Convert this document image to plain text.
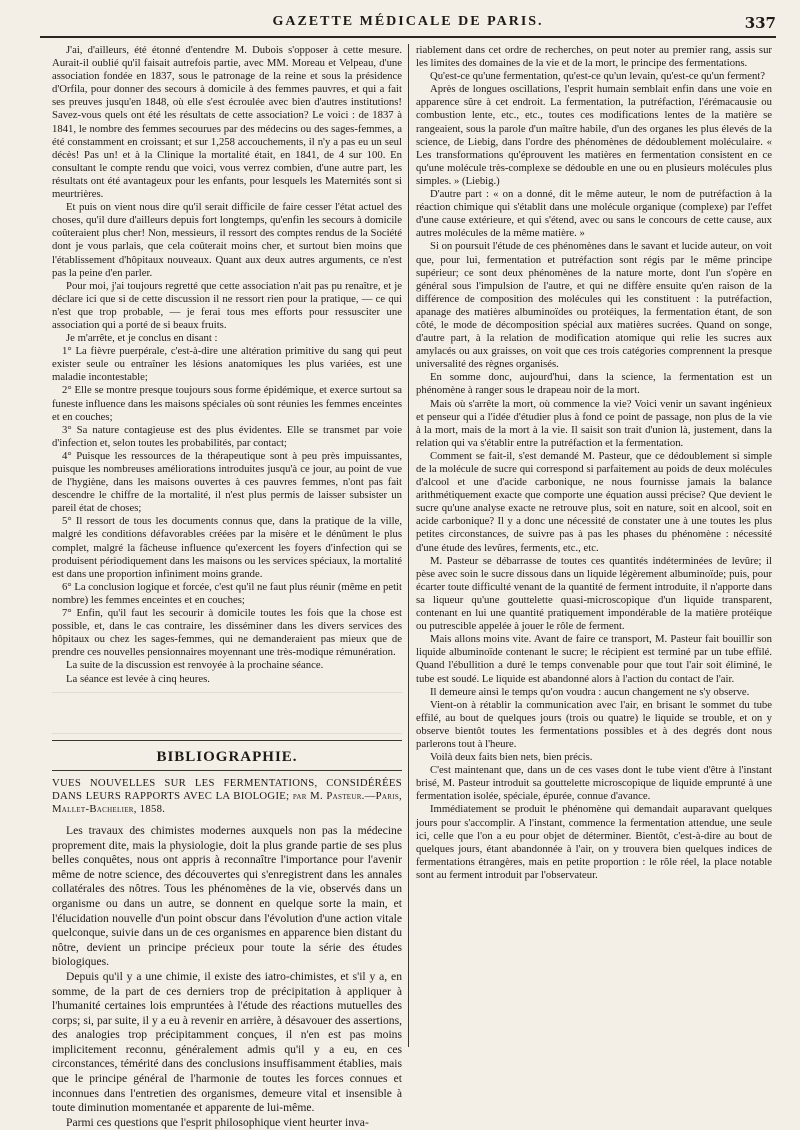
GAZETTE MÉDICALE DE PARIS.	337

J'ai, d'ailleurs, été étonné d'entendre M. Dubois s'opposer à cette mesure. Aurait-il oublié qu'il faisait autrefois partie, avec MM. Moreau et Velpeau, d'une association fondée en 1837, sous le patronage de la reine et sous la présidence d'Orfila, pour donner des secours à domicile à des femmes pauvres, et qui a fait ses preuves jusqu'en 1848, où elle s'est écroulée avec bien d'autres institutions! Savez-vous quels ont été les résultats de cette association? Le voici : de 1837 à 1841, le nombre des femmes secourues par des médecins ou des sages-femmes, a été constamment en croissant; et sur 1,258 accouchements, il n'y a pas eu un seul décès! Pas un! et à la Clinique la mortalité était, en 1841, de 4 sur 100. En consultant le compte rendu que voici, vous verrez combien, d'une autre part, les résultats ont été avantageux pour les enfants, pour lesquels les Maternités sont si meurtrières.

Et puis on vient nous dire qu'il serait difficile de faire cesser l'état actuel des choses, qu'il dure d'ailleurs depuis fort longtemps, qu'enfin les secours à domicile coûteraient plus cher! Non, messieurs, il ressort des comptes rendus de la Société dont je vous parlais, que cela coûterait moins cher, et surtout bien moins que l'établissement d'hôpitaux nouveaux. Quant aux deux autres arguments, ce n'est pas la peine d'en parler.

Pour moi, j'ai toujours regretté que cette association n'ait pas pu renaître, et je déclare ici que si de cette discussion il ne ressort rien pour la pratique, — ce qui n'est que trop probable, — je ferai tous mes efforts pour ressusciter une association qui a porté de si beaux fruits.

Je m'arrête, et je conclus en disant :

1° La fièvre puerpérale, c'est-à-dire une altération primitive du sang qui peut exister seule ou entraîner les lésions anatomiques les plus variées, est une maladie incontestable;

2° Elle se montre presque toujours sous forme épidémique, et exerce surtout sa funeste influence dans les maisons spéciales où sont réunies les femmes enceintes et en couches;

3° Sa nature contagieuse est des plus évidentes. Elle se transmet par voie d'infection et, selon toutes les probabilités, par contact;

4° Puisque les ressources de la thérapeutique sont à peu près impuissantes, puisque les nombreuses améliorations introduites jusqu'à ce jour, au point de vue de l'hygiène, dans les maisons ouvertes à ces pauvres femmes, n'ont pas fait descendre le chiffre de la mortalité, il n'est plus permis de laisser subsister un pareil état de choses;

5° Il ressort de tous les documents connus que, dans la pratique de la ville, malgré les conditions défavorables créées par la misère et le dénûment le plus complet, malgré la fâcheuse influence qu'exercent les foyers d'infection qui se produisent périodiquement dans les maisons ou les services spéciaux, la mortalité est dans une proportion infiniment moins grande.

6° La conclusion logique et forcée, c'est qu'il ne faut plus réunir (même en petit nombre) les femmes enceintes et en couches;

7° Enfin, qu'il faut les secourir à domicile toutes les fois que la chose est possible, et, dans le cas contraire, les disséminer dans les divers services des hôpitaux ou chez les sages-femmes, qui ne demanderaient pas mieux que de prendre ces nouvelles pensionnaires moyennant une très-modique rémunération.

La suite de la discussion est renvoyée à la prochaine séance.

La séance est levée à cinq heures.

BIBLIOGRAPHIE.

VUES NOUVELLES SUR LES FERMENTATIONS, CONSIDÉRÉES DANS LEURS RAPPORTS AVEC LA BIOLOGIE; par M. Pasteur.—Paris, Mallet-Bachelier, 1858.

Les travaux des chimistes modernes auxquels non pas la médecine proprement dite, mais la physiologie, doit la plus grande partie de ses plus belles conquêtes, nous ont appris à reconnaître l'importance pour l'avenir même de notre science, des découvertes qui s'enregistrent dans les annales collatérales des nôtres. Tous les phénomènes de la vie, observés dans un organisme ou dans un autre, se donnent en quelque sorte la main, et l'élucidation nouvelle d'un point obscur dans l'évolution d'une action vitale quelconque, suivie dans un de ces organismes en apparence bien distant du nôtre, devient un principe précieux pour toute la série des études biologiques.

Depuis qu'il y a une chimie, il existe des iatro-chimistes, et s'il y a, en somme, de la part de ces derniers trop de précipitation à appliquer à l'humanité certaines lois empruntées à l'étude des réactions mutuelles des corps; si, par suite, il y a eu à revenir en arrière, à désavouer des assertions, des analogies trop précipitamment conçues, il n'en est pas moins implicitement reconnu, généralement admis qu'il y a eu, en ces circonstances, témérité dans des conclusions insuffisamment établies, mais que le principe général de l'harmonie de toutes les forces connues et inconnues dans l'entretien des organismes, demeure vital et insensible à toute diminution momentanée et apparente de lui-même.

Parmi ces questions que l'esprit philosophique vient heurter inva-

riablement dans cet ordre de recherches, on peut noter au premier rang, assis sur les limites des domaines de la vie et de la mort, le principe des fermentations.

Qu'est-ce qu'une fermentation, qu'est-ce qu'un levain, qu'est-ce qu'un ferment?

Après de longues oscillations, l'esprit humain semblait enfin dans une voie en apparence sûre à cet endroit. La fermentation, la putréfaction, l'érémacausie ou combustion lente, etc., etc., toutes ces modifications lentes de la matière se rangeaient, sous la parole d'un maître habile, d'un des organes les plus élevés de la science, de Liebig, dans l'ordre des phénomènes de dédoublement moléculaire. « Les transformations qu'éprouvent les matières en fermentation consistent en ce qu'une molécule très-complexe se dédouble en une ou en plusieurs molécules plus simples. » (Liebig.)

D'autre part : « on a donné, dit le même auteur, le nom de putréfaction à la réaction chimique qui s'établit dans une molécule organique (complexe) par l'effet d'une cause extérieure, et qui s'étend, avec ou sans le concours de cette cause, aux autres molécules de la même matière. »

Si on poursuit l'étude de ces phénomènes dans le savant et lucide auteur, on voit que, pour lui, fermentation et putréfaction sont régis par le même principe supérieur; ce sont deux phénomènes de la nature morte, dont l'un s'opère en général sous l'impulsion de l'autre, et qui ne diffère ensuite qu'en raison de la différence de composition des molécules qui les constituent : la putréfaction, apanage des matières albuminoïdes ou protéiques, la fermentation étant, de son côté, le mode de décomposition spécial aux matières sucrées. Quand on songe, d'autre part, à la relation de modification atomique qui relie les sucres aux amylacés ou aux graisses, on voit que ces trois catégories comprennent la presque universalité des règnes organisés.

En somme donc, aujourd'hui, dans la science, la fermentation est un phénomène à ranger sous le drapeau noir de la mort.

Mais où s'arrête la mort, où commence la vie? Voici venir un savant ingénieux et penseur qui a l'idée d'étudier plus à fond ce point de passage, non plus de la vie à la mort, mais de la mort à la vie. Il saisit son trait d'union là, justement, dans la relation qui va s'établir entre la putréfaction et la fermentation.

Comment se fait-il, s'est demandé M. Pasteur, que ce dédoublement si simple de la molécule de sucre qui correspond si parfaitement au poids de deux molécules d'alcool et une d'acide carbonique, ne nous fournisse jamais la balance arithmétiquement exacte que comporte une équation aussi précise? Que devient le sucre qu'une analyse exacte ne retrouve plus, soit en nature, soit en alcool, soit en acide carbonique? Il y a donc une nécessité de constater une à une toutes les plus petites circonstances, de suivre pas à pas les phases du phénomène : nécessité d'une étude des levûres, ferments, etc., etc.

M. Pasteur se débarrasse de toutes ces quantités indéterminées de levûre; il pèse avec soin le sucre dissous dans un liquide légèrement albuminoïde; puis, pour écarter toute difficulté venant de la quantité de ferment introduite, il n'apporte dans sa liqueur qu'une gouttelette quasi-microscopique d'un liquide transparent, contenant en lui une quantité pratiquement impondérable de la matière protéique ou putrescible appelée à jouer le rôle de ferment.

Mais allons moins vite. Avant de faire ce transport, M. Pasteur fait bouillir son liquide albuminoïde contenant le sucre; le récipient est terminé par un tube effilé. Quand l'ébullition a duré le temps convenable pour que tout l'air soit éliminé, le tube est soudé. Le liquide est abandonné alors à l'action du contact de l'air.

Il demeure ainsi le temps qu'on voudra : aucun changement ne s'y observe.

Vient-on à rétablir la communication avec l'air, en brisant le sommet du tube effilé, au bout de quelques jours (trois ou quatre) le liquide se trouble, et on y observe bientôt toutes les fermentations possibles et à des degrés dont nous parlerons tout à l'heure.

Voilà deux faits bien nets, bien précis.

C'est maintenant que, dans un de ces vases dont le tube vient d'être à l'instant brisé, M. Pasteur introduit sa gouttelette microscopique de liquide emprunté à une fermentation isolée, spéciale, épurée, connue d'avance.

Immédiatement se produit le phénomène qui demandait auparavant quelques jours pour s'accomplir. A l'instant, commence la fermentation attendue, une seule ici, celle que l'on a eu pour objet de déterminer. Bientôt, c'est-à-dire au bout de quelques jours, étant abandonnée à l'air, on y trouvera bien quelques indices de fermentations étrangères, mais en petite proportion : le rôle réel, la place notable sont au ferment introduit par l'observateur.
